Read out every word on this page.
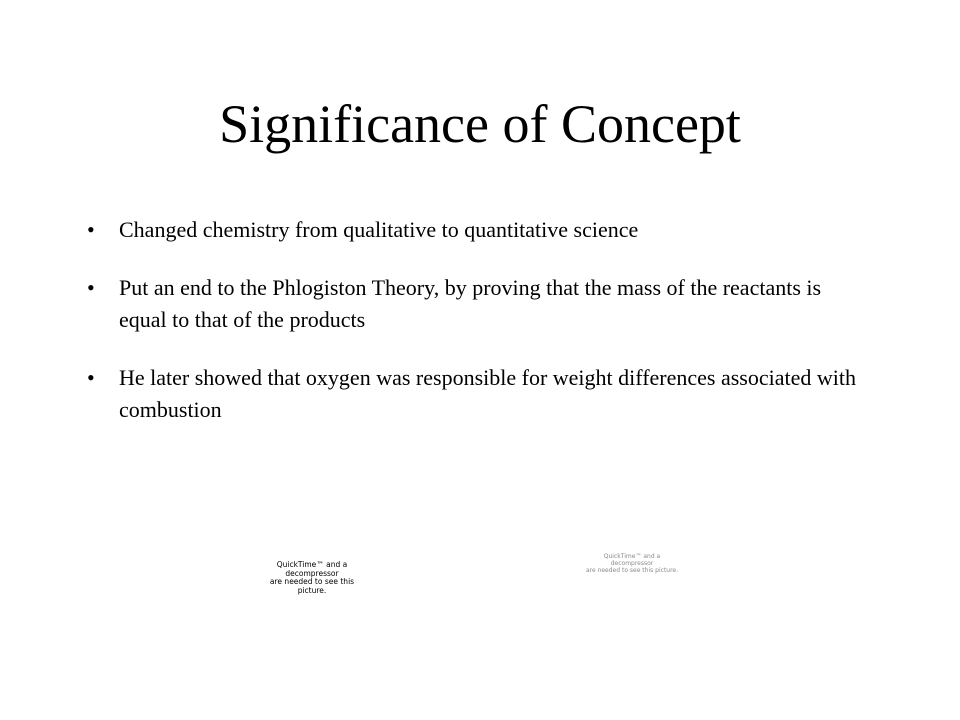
Significance of Concept
•	Changed chemistry from qualitative to quantitative science
•	Put an end to the Phlogiston Theory, by proving that the mass of the reactants is equal to that of the products
•	He later showed that oxygen was responsible for weight differences associated with combustion
QuickTime™ and a
decompressor
are needed to see this picture.
QuickTime™ and a
decompressor
are needed to see this picture.
